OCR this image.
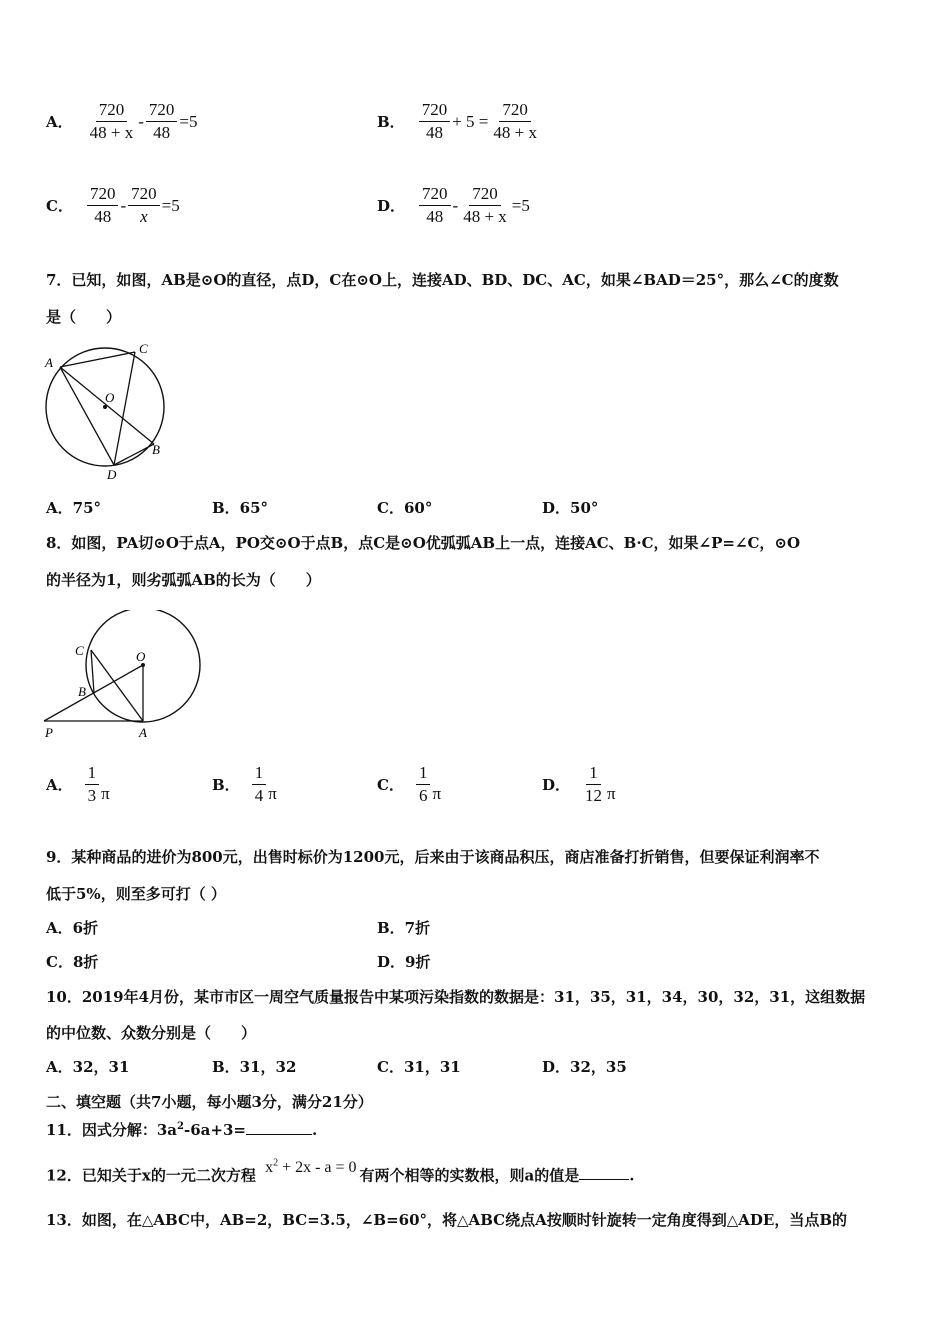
A． $\frac{720}{48 + x} - \frac{720}{48} =5$	B． $\frac{720}{48} + 5 = \frac{720}{48 + x}$
C． $\frac{720}{48} - \frac{720}{x} =5$	D． $\frac{720}{48} - \frac{720}{48 + x} =5$
7．已知，如图，AB是⊙O的直径，点D，C在⊙O上，连接AD、BD、DC、AC，如果∠BAD＝25°，那么∠C的度数
是（　　）
A
C
O
B
D
A．75°	B．65°	C．60°	D．50°
8．如图，PA切⊙O于点A，PO交⊙O于点B，点C是⊙O优弧弧AB上一点，连接AC、B·C，如果∠P=∠C，⊙O
的半径为1，则劣弧弧AB的长为（　　）
C	O
B
P	A
A． $\frac{1}{3}$ π	B． $\frac{1}{4}$ π	C． $\frac{1}{6}$ π	D． $\frac{1}{12}$ π
9．某种商品的进价为800元，出售时标价为1200元，后来由于该商品积压，商店准备打折销售，但要保证利润率不
低于5%，则至多可打（ ）
A．6折	B．7折
C．8折	D．9折
10．2019年4月份，某市市区一周空气质量报告中某项污染指数的数据是：31，35，31，34，30，32，31，这组数据
的中位数、众数分别是（　　）
A．32，31	B．31，32	C．31，31	D．32，35
二、填空题（共7小题，每小题3分，满分21分）
11．因式分解：$3a^2-6a+3=$	.
12．已知关于x的一元二次方程 $x^2 + 2x - a = 0$ 有两个相等的实数根，则a的值是	.
13．如图，在△ABC中，AB=2，BC=3.5，∠B=60°，将△ABC绕点A按顺时针旋转一定角度得到△ADE，当点B的
